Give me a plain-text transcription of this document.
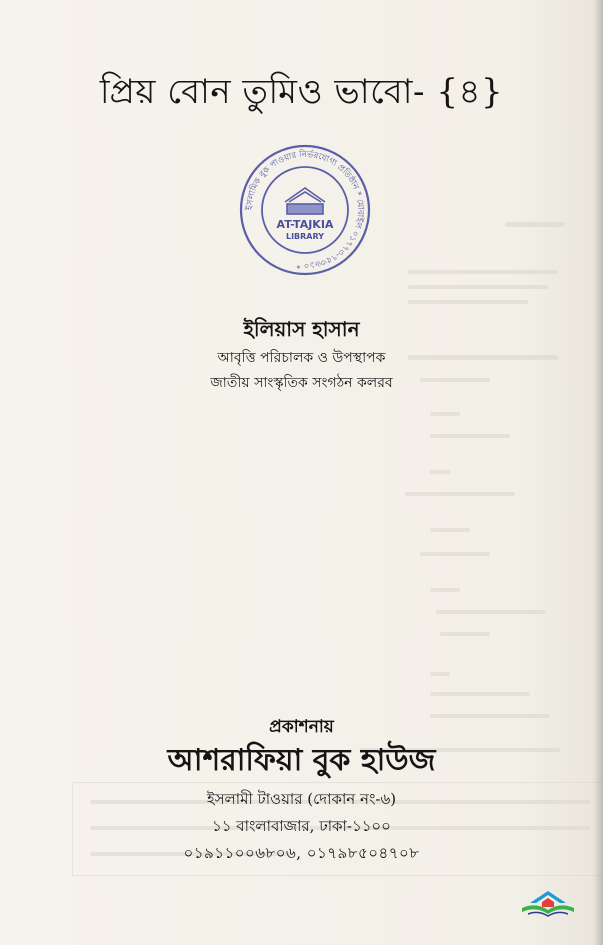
প্রিয় বোন তুমিও ভাবো- {৪}
ইসলামিক বুক পাওয়ার নির্ভরযোগ্য প্রতিষ্ঠান * মোবাইল ০১৭৭৩-৭৫৩৬১০ *
AT-TAJKIA
LIBRARY

ইলিয়াস হাসান

আবৃত্তি পরিচালক ও উপস্থাপক

জাতীয় সাংস্কৃতিক সংগঠন কলরব

প্রকাশনায়

আশরাফিয়া বুক হাউজ

ইসলামী টাওয়ার (দোকান নং-৬)

১১ বাংলাবাজার, ঢাকা-১১০০

০১৯১১০০৬৮০৬, ০১৭৯৮৫০৪৭০৮
